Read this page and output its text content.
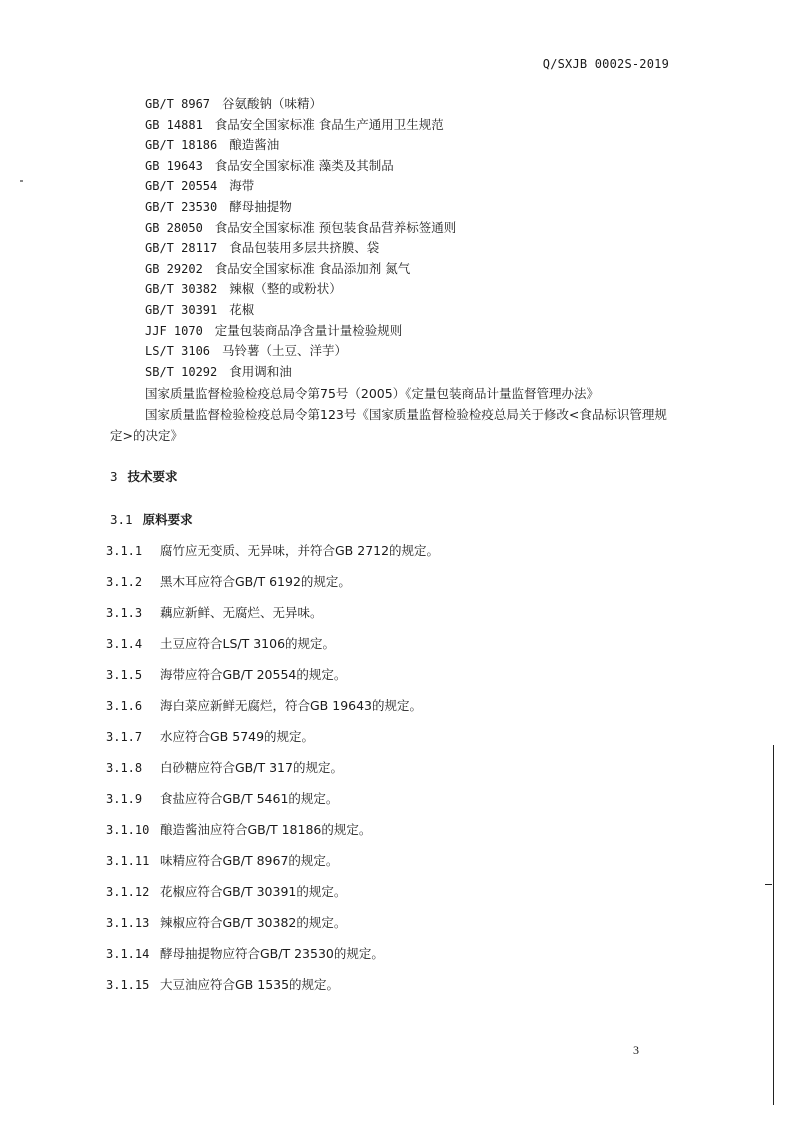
Q/SXJB 0002S-2019
GB/T 8967 谷氨酸钠（味精）
GB 14881 食品安全国家标准 食品生产通用卫生规范
GB/T 18186 酿造酱油
GB 19643 食品安全国家标准 藻类及其制品
GB/T 20554 海带
GB/T 23530 酵母抽提物
GB 28050 食品安全国家标准 预包装食品营养标签通则
GB/T 28117 食品包装用多层共挤膜、袋
GB 29202 食品安全国家标准 食品添加剂 氮气
GB/T 30382 辣椒（整的或粉状）
GB/T 30391 花椒
JJF 1070 定量包装商品净含量计量检验规则
LS/T 3106 马铃薯（土豆、洋芋）
SB/T 10292 食用调和油
国家质量监督检验检疫总局令第75号（2005）《定量包装商品计量监督管理办法》
国家质量监督检验检疫总局令第123号《国家质量监督检验检疫总局关于修改<食品标识管理规定>的决定》
3 技术要求
3.1 原料要求
3.1.1 腐竹应无变质、无异味，并符合GB 2712的规定。
3.1.2 黑木耳应符合GB/T 6192的规定。
3.1.3 藕应新鲜、无腐烂、无异味。
3.1.4 土豆应符合LS/T 3106的规定。
3.1.5 海带应符合GB/T 20554的规定。
3.1.6 海白菜应新鲜无腐烂，符合GB 19643的规定。
3.1.7 水应符合GB 5749的规定。
3.1.8 白砂糖应符合GB/T 317的规定。
3.1.9 食盐应符合GB/T 5461的规定。
3.1.10 酿造酱油应符合GB/T 18186的规定。
3.1.11 味精应符合GB/T 8967的规定。
3.1.12 花椒应符合GB/T 30391的规定。
3.1.13 辣椒应符合GB/T 30382的规定。
3.1.14 酵母抽提物应符合GB/T 23530的规定。
3.1.15 大豆油应符合GB 1535的规定。
3
